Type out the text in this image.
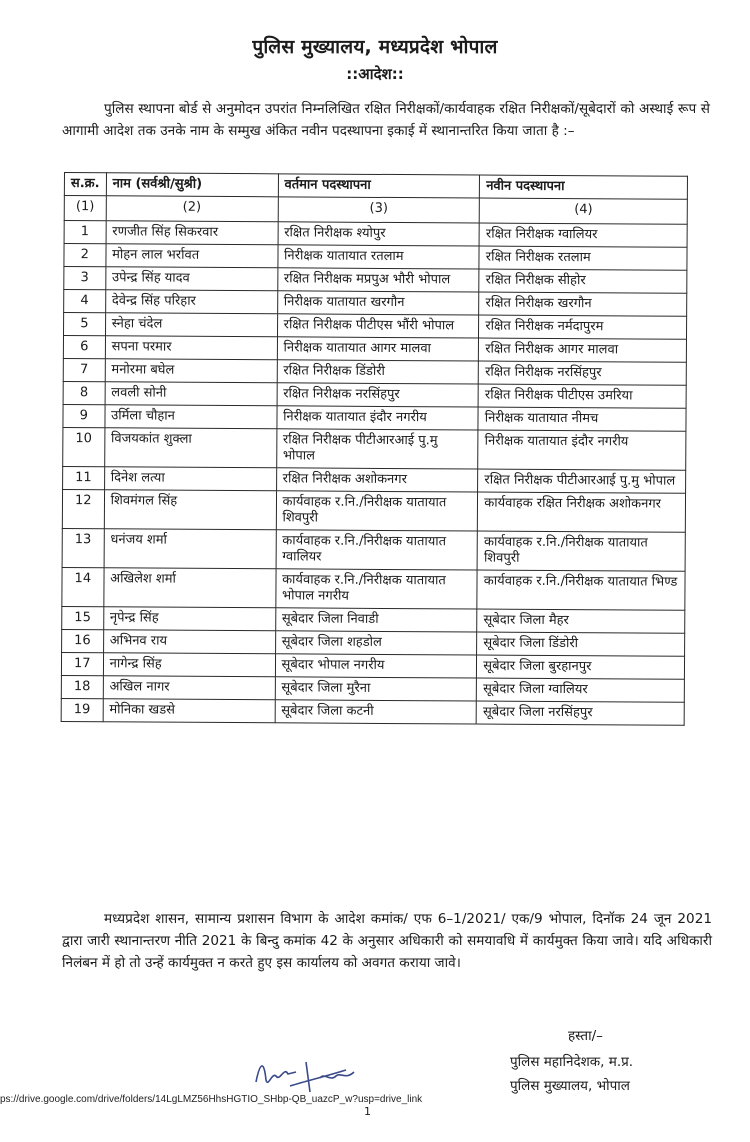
पुलिस मुख्यालय, मध्यप्रदेश भोपाल
::आदेश::
पुलिस स्थापना बोर्ड से अनुमोदन उपरांत निम्नलिखित रक्षित निरीक्षकों/कार्यवाहक रक्षित निरीक्षकों/सूबेदारों को अस्थाई रूप से आगामी आदेश तक उनके नाम के सम्मुख अंकित नवीन पदस्थापना इकाई में स्थानान्तरित किया जाता है :–
स.क्र.	नाम (सर्वश्री/सुश्री)	वर्तमान पदस्थापना	नवीन पदस्थापना
(1)	(2)	(3)	(4)
1	रणजीत सिंह सिकरवार	रक्षित निरीक्षक श्योपुर	रक्षित निरीक्षक ग्वालियर
2	मोहन लाल भर्रावत	निरीक्षक यातायात रतलाम	रक्षित निरीक्षक रतलाम
3	उपेन्द्र सिंह यादव	रक्षित निरीक्षक मप्रपुअ भौरी भोपाल	रक्षित निरीक्षक सीहोर
4	देवेन्द्र सिंह परिहार	निरीक्षक यातायात खरगौन	रक्षित निरीक्षक खरगौन
5	स्नेहा चंदेल	रक्षित निरीक्षक पीटीएस भौंरी भोपाल	रक्षित निरीक्षक नर्मदापुरम
6	सपना परमार	निरीक्षक यातायात आगर मालवा	रक्षित निरीक्षक आगर मालवा
7	मनोरमा बघेल	रक्षित निरीक्षक डिंडोरी	रक्षित निरीक्षक नरसिंहपुर
8	लवली सोनी	रक्षित निरीक्षक नरसिंहपुर	रक्षित निरीक्षक पीटीएस उमरिया
9	उर्मिला चौहान	निरीक्षक यातायात इंदौर नगरीय	निरीक्षक यातायात नीमच
10	विजयकांत शुक्ला	रक्षित निरीक्षक पीटीआरआई पु.मु भोपाल	निरीक्षक यातायात इंदौर नगरीय
11	दिनेश लत्या	रक्षित निरीक्षक अशोकनगर	रक्षित निरीक्षक पीटीआरआई पु.मु भोपाल
12	शिवमंगल सिंह	कार्यवाहक र.नि./निरीक्षक यातायात शिवपुरी	कार्यवाहक रक्षित निरीक्षक अशोकनगर
13	धनंजय शर्मा	कार्यवाहक र.नि./निरीक्षक यातायात ग्वालियर	कार्यवाहक र.नि./निरीक्षक यातायात शिवपुरी
14	अखिलेश शर्मा	कार्यवाहक र.नि./निरीक्षक यातायात भोपाल नगरीय	कार्यवाहक र.नि./निरीक्षक यातायात भिण्ड
15	नृपेन्द्र सिंह	सूबेदार जिला निवाडी	सूबेदार जिला मैहर
16	अभिनव राय	सूबेदार जिला शहडोल	सूबेदार जिला डिंडोरी
17	नागेन्द्र सिंह	सूबेदार भोपाल नगरीय	सूबेदार जिला बुरहानपुर
18	अखिल नागर	सूबेदार जिला मुरैना	सूबेदार जिला ग्वालियर
19	मोनिका खडसे	सूबेदार जिला कटनी	सूबेदार जिला नरसिंहपुर
मध्यप्रदेश शासन, सामान्य प्रशासन विभाग के आदेश कमांक/ एफ 6–1/2021/ एक/9 भोपाल, दिनॉक 24 जून 2021 द्वारा जारी स्थानान्तरण नीति 2021 के बिन्दु कमांक 42 के अनुसार अधिकारी को समयावधि में कार्यमुक्त किया जावे। यदि अधिकारी निलंबन में हो तो उन्हें कार्यमुक्त न करते हुए इस कार्यालय को अवगत कराया जावे।
हस्ता/–
पुलिस महानिदेशक, म.प्र.
पुलिस मुख्यालय, भोपाल
ps://drive.google.com/drive/folders/14LgLMZ56HhsHGTIO_SHbp-QB_uazcP_w?usp=drive_link
1
